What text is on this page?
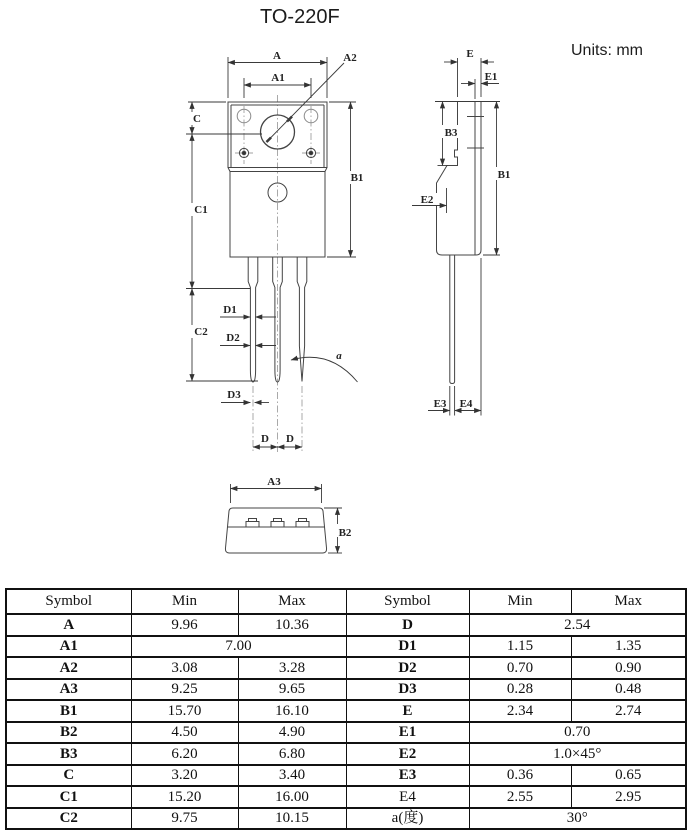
TO-220F
Units: mm
A	A2
A1
C
C1
C2
B1
D1
D2
D3
D D
a
E
E1
B3
B1
E2
E3 E4
A3
B2
Symbol	Min	Max	Symbol	Min	Max
A	9.96	10.36	D	2.54	
A1	7.00		D1	1.15	1.35
A2	3.08	3.28	D2	0.70	0.90
A3	9.25	9.65	D3	0.28	0.48
B1	15.70	16.10	E	2.34	2.74
B2	4.50	4.90	E1	0.70	
B3	6.20	6.80	E2	1.0×45°	
C	3.20	3.40	E3	0.36	0.65
C1	15.20	16.00	E4	2.55	2.95
C2	9.75	10.15	a(度)	30°	
